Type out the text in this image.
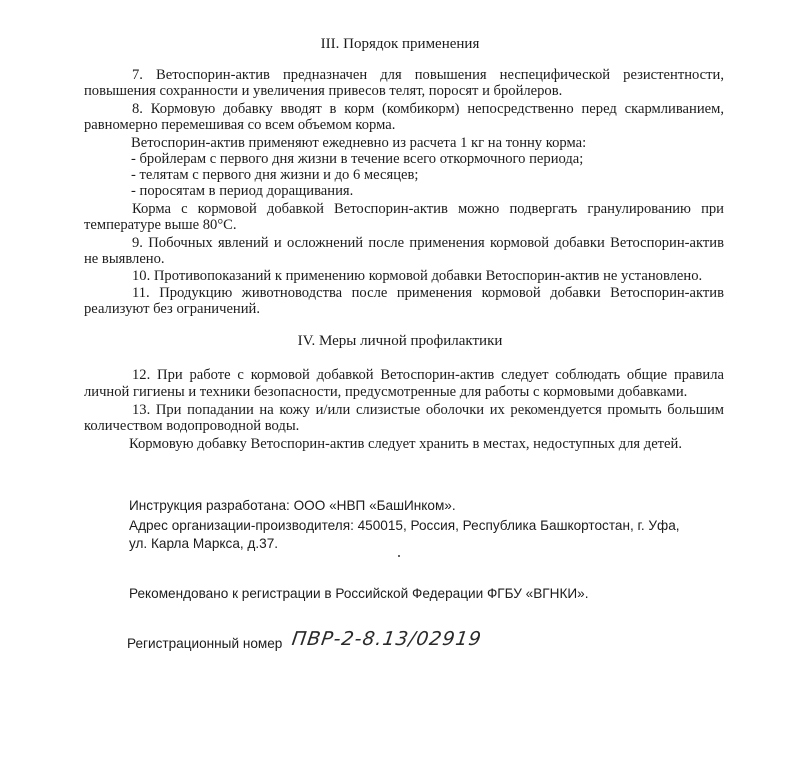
III. Порядок применения
7. Ветоспорин-актив предназначен для повышения неспецифической резистентности,
повышения сохранности и увеличения привесов телят, поросят и бройлеров.
8. Кормовую добавку вводят в корм (комбикорм) непосредственно перед скармливанием,
равномерно перемешивая со всем объемом корма.
Ветоспорин-актив применяют ежедневно из расчета 1 кг на тонну корма:
- бройлерам с первого дня жизни в течение всего откормочного периода;
- телятам с первого дня жизни и до 6 месяцев;
- поросятам в период доращивания.
Корма с кормовой добавкой Ветоспорин-актив можно подвергать гранулированию при
температуре выше 80°С.
9. Побочных явлений и осложнений после применения кормовой добавки Ветоспорин-актив
не выявлено.
10. Противопоказаний к применению кормовой добавки Ветоспорин-актив не установлено.
11. Продукцию животноводства после применения кормовой добавки Ветоспорин-актив
реализуют без ограничений.
IV. Меры личной профилактики
12. При работе с кормовой добавкой Ветоспорин-актив следует соблюдать общие правила
личной гигиены и техники безопасности, предусмотренные для работы с кормовыми добавками.
13. При попадании на кожу и/или слизистые оболочки их рекомендуется промыть большим
количеством водопроводной воды.
Кормовую добавку Ветоспорин-актив следует хранить в местах, недоступных для детей.
Инструкция разработана: ООО «НВП «БашИнком».
Адрес организации-производителя: 450015, Россия, Республика Башкортостан, г. Уфа,
ул. Карла Маркса, д.37.
Рекомендовано к регистрации в Российской Федерации ФГБУ «ВГНКИ».
Регистрационный номер ПВР-2-8.13/02919
